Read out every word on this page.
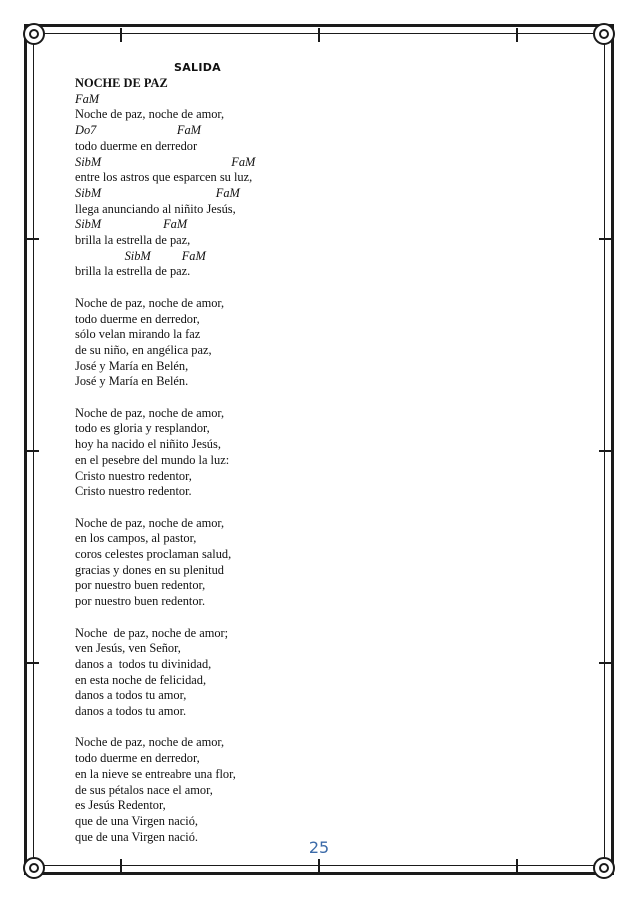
SALIDA
NOCHE DE PAZ
FaM
Noche de paz, noche de amor,
Do7                          FaM
todo duerme en derredor
SibM                                          FaM
entre los astros que esparcen su luz,
SibM                                     FaM
llega anunciando al niñito Jesús,
SibM                    FaM
brilla la estrella de paz,
SibM          FaM
brilla la estrella de paz.
Noche de paz, noche de amor,
todo duerme en derredor,
sólo velan mirando la faz
de su niño, en angélica paz,
José y María en Belén,
José y María en Belén.
Noche de paz, noche de amor,
todo es gloria y resplandor,
hoy ha nacido el niñito Jesús,
en el pesebre del mundo la luz:
Cristo nuestro redentor,
Cristo nuestro redentor.
Noche de paz, noche de amor,
en los campos, al pastor,
coros celestes proclaman salud,
gracias y dones en su plenitud
por nuestro buen redentor,
por nuestro buen redentor.
Noche  de paz, noche de amor;
ven Jesús, ven Señor,
danos a  todos tu divinidad,
en esta noche de felicidad,
danos a todos tu amor,
danos a todos tu amor.
Noche de paz, noche de amor,
todo duerme en derredor,
en la nieve se entreabre una flor,
de sus pétalos nace el amor,
es Jesús Redentor,
que de una Virgen nació,
que de una Virgen nació.
25
